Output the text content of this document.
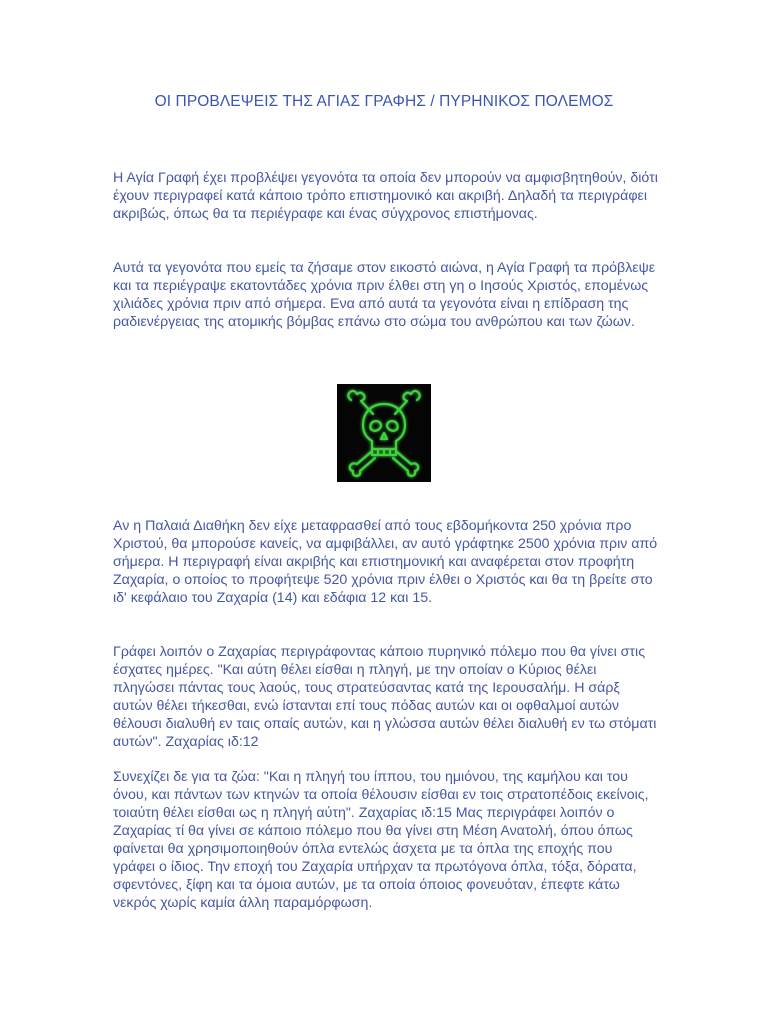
ΟΙ ΠΡΟΒΛΕΨΕΙΣ ΤΗΣ ΑΓΙΑΣ ΓΡΑΦΗΣ / ΠΥΡΗΝΙΚΟΣ ΠΟΛΕΜΟΣ

Η Αγία Γραφή έχει προβλέψει γεγονότα τα οποία δεν μπορούν να αμφισβητηθούν, διότι έχουν περιγραφεί κατά κάποιο τρόπο επιστημονικό και ακριβή. Δηλαδή τα περιγράφει ακριβώς, όπως θα τα περιέγραφε και ένας σύγχρονος επιστήμονας.

Αυτά τα γεγονότα που εμείς τα ζήσαμε στον εικοστό αιώνα, η Αγία Γραφή τα πρόβλεψε και τα περιέγραψε εκατοντάδες χρόνια πριν έλθει στη γη ο Ιησούς Χριστός, επομένως χιλιάδες χρόνια πριν από σήμερα. Ενα από αυτά τα γεγονότα είναι η επίδραση της ραδιενέργειας της ατομικής βόμβας επάνω στο σώμα του ανθρώπου και των ζώων.

Αν η Παλαιά Διαθήκη δεν είχε μεταφρασθεί από τους εβδομήκοντα 250 χρόνια προ Χριστού, θα μπορούσε κανείς, να αμφιβάλλει, αν αυτό γράφτηκε 2500 χρόνια πριν από σήμερα. Η περιγραφή είναι ακριβής και επιστημονική και αναφέρεται στον προφήτη Ζαχαρία, ο οποίος το προφήτεψε 520 χρόνια πριν έλθει ο Χριστός και θα τη βρείτε στο ιδ' κεφάλαιο του Ζαχαρία (14) και εδάφια 12 και 15.

Γράφει λοιπόν ο Ζαχαρίας περιγράφοντας κάποιο πυρηνικό πόλεμο που θα γίνει στις έσχατες ημέρες. "Και αύτη θέλει είσθαι η πληγή, με την οποίαν ο Κύριος θέλει πληγώσει πάντας τους λαούς, τους στρατεύσαντας κατά της Ιερουσαλήμ. Η σάρξ αυτών θέλει τήκεσθαι, ενώ ίστανται επί τους πόδας αυτών και οι οφθαλμοί αυτών θέλουσι διαλυθή εν ταις οπαίς αυτών, και η γλώσσα αυτών θέλει διαλυθή εν τω στόματι αυτών". Ζαχαρίας ιδ:12

Συνεχίζει δε για τα ζώα: "Και η πληγή του ίππου, του ημιόνου, της καμήλου και του όνου, και πάντων των κτηνών τα οποία θέλουσιν είσθαι εν τοις στρατοπέδοις εκείνοις, τοιαύτη θέλει είσθαι ως η πληγή αύτη". Ζαχαρίας ιδ:15 Μας περιγράφει λοιπόν ο Ζαχαρίας τί θα γίνει σε κάποιο πόλεμο που θα γίνει στη Μέση Ανατολή, όπου όπως φαίνεται θα χρησιμοποιηθούν όπλα εντελώς άσχετα με τα όπλα της εποχής που γράφει ο ίδιος. Την εποχή του Ζαχαρία υπήρχαν τα πρωτόγονα όπλα, τόξα, δόρατα, σφεντόνες, ξίφη και τα όμοια αυτών, με τα οποία όποιος φονευόταν, έπεφτε κάτω νεκρός χωρίς καμία άλλη παραμόρφωση.
